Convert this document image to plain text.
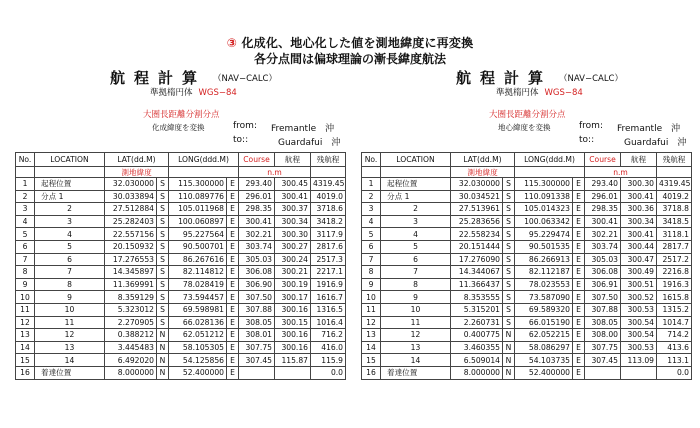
③ 化成化、地心化した値を測地緯度に再変換
各分点間は偏球理論の漸長緯度航法
航程計算 （NAV−CALC）
準拠楕円体 WGS−84
大圏長距離分割分点
化成緯度を変換	from: Fremantle　沖
to::	Guardafui　沖
No.	LOCATION	LAT(dd.M)		LONG(ddd.M)		Course	航程	残航程
		測地緯度				n.m		
1	起程位置	32.030000	S	115.300000	E	293.40	300.45	4319.45
2	分点 1	30.033894	S	110.089776	E	296.01	300.41	4019.0
3	2	27.512884	S	105.011968	E	298.35	300.37	3718.6
4	3	25.282403	S	100.060897	E	300.41	300.34	3418.2
5	4	22.557156	S	95.227564	E	302.21	300.30	3117.9
6	5	20.150932	S	90.500701	E	303.74	300.27	2817.6
7	6	17.276553	S	86.267616	E	305.03	300.24	2517.3
8	7	14.345897	S	82.114812	E	306.08	300.21	2217.1
9	8	11.369991	S	78.028419	E	306.90	300.19	1916.9
10	9	8.359129	S	73.594457	E	307.50	300.17	1616.7
11	10	5.323012	S	69.598981	E	307.88	300.16	1316.5
12	11	2.270905	S	66.028136	E	308.05	300.15	1016.4
13	12	0.388212	N	62.051212	E	308.01	300.16	716.2
14	13	3.445483	N	58.105305	E	307.75	300.16	416.0
15	14	6.492020	N	54.125856	E	307.45	115.87	115.9
16	着達位置	8.000000	N	52.400000	E			0.0
航程計算 （NAV−CALC）
準拠楕円体 WGS−84
大圏長距離分割分点
地心緯度を変換	from: Fremantle　沖
to::	Guardafui　沖
No.	LOCATION	LAT(dd.M)		LONG(ddd.M)		Course	航程	残航程
		測地緯度				n.m		
1	起程位置	32.030000	S	115.300000	E	293.40	300.30	4319.45
2	分点 1	30.034521	S	110.091338	E	296.01	300.41	4019.2
3	2	27.513961	S	105.014323	E	298.35	300.36	3718.8
4	3	25.283656	S	100.063342	E	300.41	300.34	3418.5
5	4	22.558234	S	95.229474	E	302.21	300.41	3118.1
6	5	20.151444	S	90.501535	E	303.74	300.44	2817.7
7	6	17.276090	S	86.266913	E	305.03	300.47	2517.2
8	7	14.344067	S	82.112187	E	306.08	300.49	2216.8
9	8	11.366437	S	78.023553	E	306.91	300.51	1916.3
10	9	8.353555	S	73.587090	E	307.50	300.52	1615.8
11	10	5.315201	S	69.589320	E	307.88	300.53	1315.2
12	11	2.260731	S	66.015190	E	308.05	300.54	1014.7
13	12	0.400775	N	62.052215	E	308.00	300.54	714.2
14	13	3.460355	N	58.086297	E	307.75	300.53	413.6
15	14	6.509014	N	54.103735	E	307.45	113.09	113.1
16	着達位置	8.000000	N	52.400000	E			0.0
